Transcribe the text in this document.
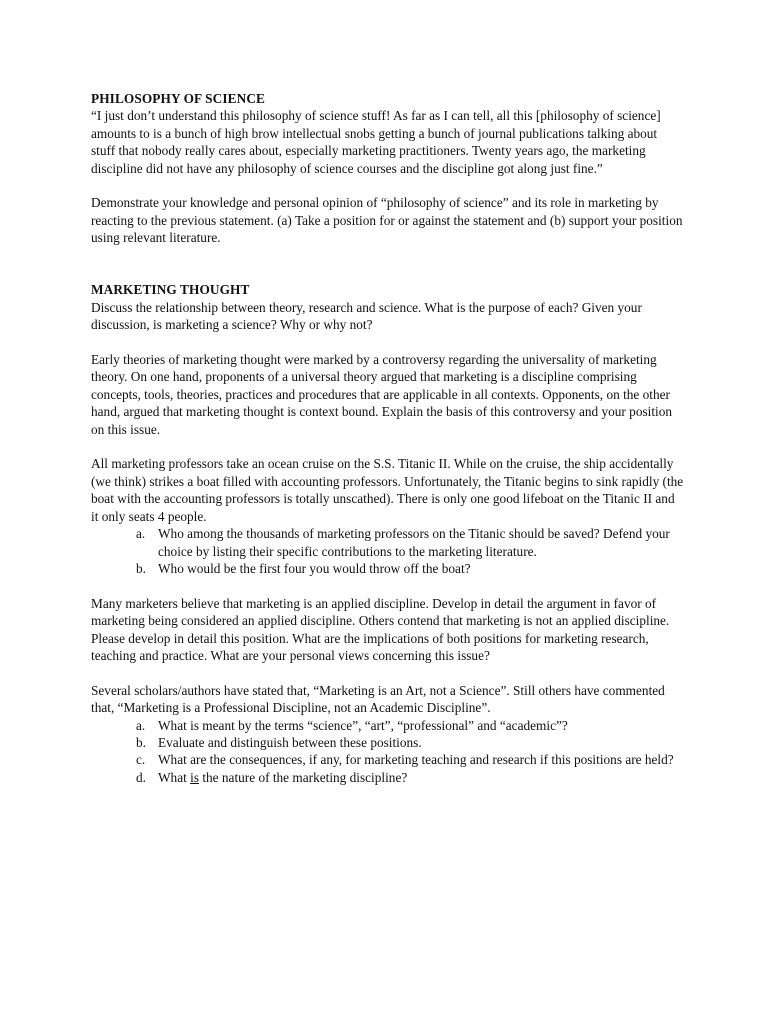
PHILOSOPHY OF SCIENCE

“I just don’t understand this philosophy of science stuff! As far as I can tell, all this [philosophy of science] amounts to is a bunch of high brow intellectual snobs getting a bunch of journal publications talking about stuff that nobody really cares about, especially marketing practitioners. Twenty years ago, the marketing discipline did not have any philosophy of science courses and the discipline got along just fine.”

Demonstrate your knowledge and personal opinion of “philosophy of science” and its role in marketing by reacting to the previous statement. (a) Take a position for or against the statement and (b) support your position using relevant literature.

MARKETING THOUGHT

Discuss the relationship between theory, research and science. What is the purpose of each? Given your discussion, is marketing a science? Why or why not?

Early theories of marketing thought were marked by a controversy regarding the universality of marketing theory. On one hand, proponents of a universal theory argued that marketing is a discipline comprising concepts, tools, theories, practices and procedures that are applicable in all contexts. Opponents, on the other hand, argued that marketing thought is context bound. Explain the basis of this controversy and your position on this issue.

All marketing professors take an ocean cruise on the S.S. Titanic II. While on the cruise, the ship accidentally (we think) strikes a boat filled with accounting professors. Unfortunately, the Titanic begins to sink rapidly (the boat with the accounting professors is totally unscathed). There is only one good lifeboat on the Titanic II and it only seats 4 people.

a. Who among the thousands of marketing professors on the Titanic should be saved? Defend your choice by listing their specific contributions to the marketing literature.
b. Who would be the first four you would throw off the boat?

Many marketers believe that marketing is an applied discipline. Develop in detail the argument in favor of marketing being considered an applied discipline. Others contend that marketing is not an applied discipline. Please develop in detail this position. What are the implications of both positions for marketing research, teaching and practice. What are your personal views concerning this issue?

Several scholars/authors have stated that, “Marketing is an Art, not a Science”. Still others have commented that, “Marketing is a Professional Discipline, not an Academic Discipline”.

a. What is meant by the terms “science”, “art”, “professional” and “academic”?
b. Evaluate and distinguish between these positions.
c. What are the consequences, if any, for marketing teaching and research if this positions are held?
d. What is the nature of the marketing discipline?
